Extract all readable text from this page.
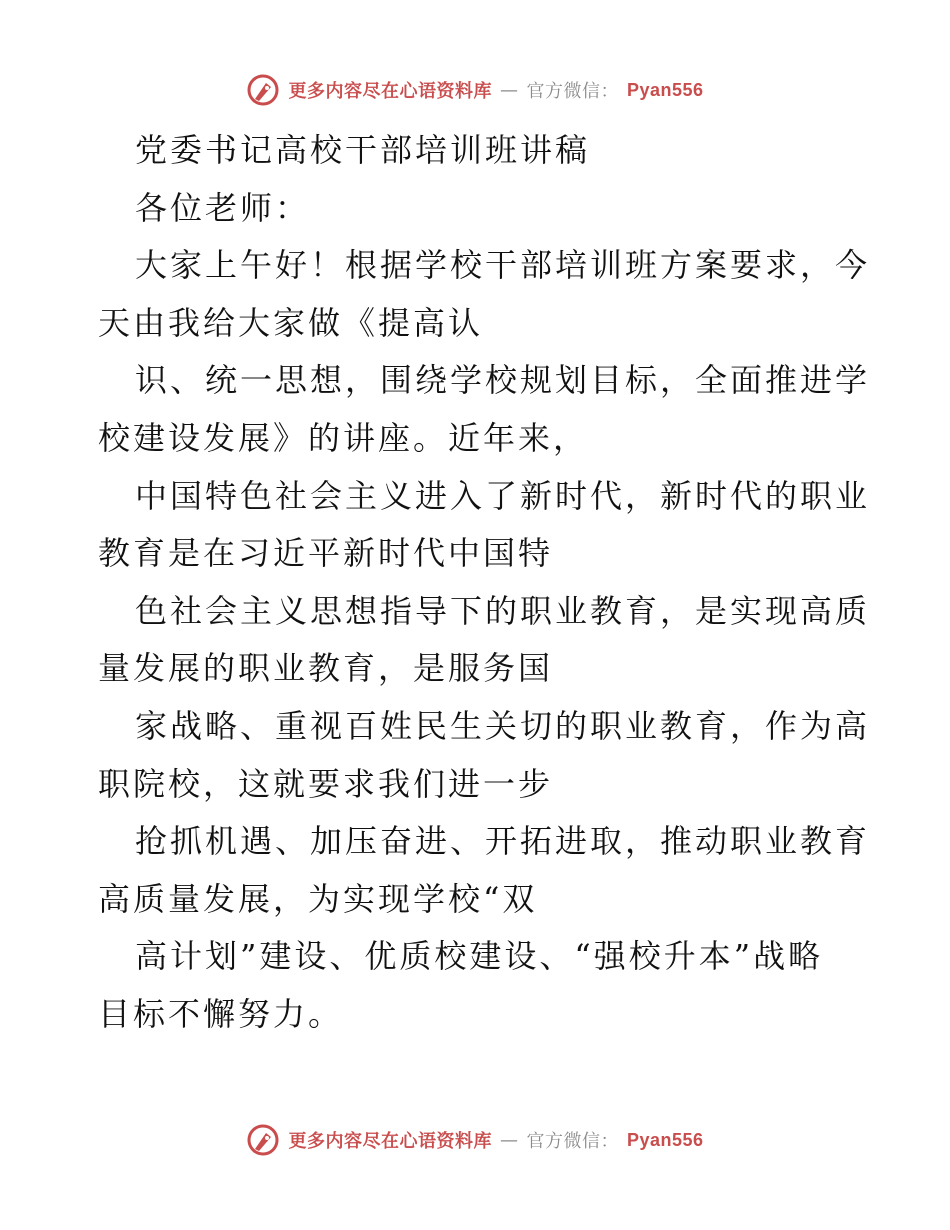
更多内容尽在心语资料库 — 官方微信： Pyan556

党委书记高校干部培训班讲稿

各位老师：

大家上午好！根据学校干部培训班方案要求，今

天由我给大家做《提高认

识、统一思想，围绕学校规划目标，全面推进学

校建设发展》的讲座。近年来，

中国特色社会主义进入了新时代，新时代的职业

教育是在习近平新时代中国特

色社会主义思想指导下的职业教育，是实现高质

量发展的职业教育，是服务国

家战略、重视百姓民生关切的职业教育，作为高

职院校，这就要求我们进一步

抢抓机遇、加压奋进、开拓进取，推动职业教育

高质量发展，为实现学校“双

高计划”建设、优质校建设、“强校升本”战略

目标不懈努力。

更多内容尽在心语资料库 — 官方微信： Pyan556
